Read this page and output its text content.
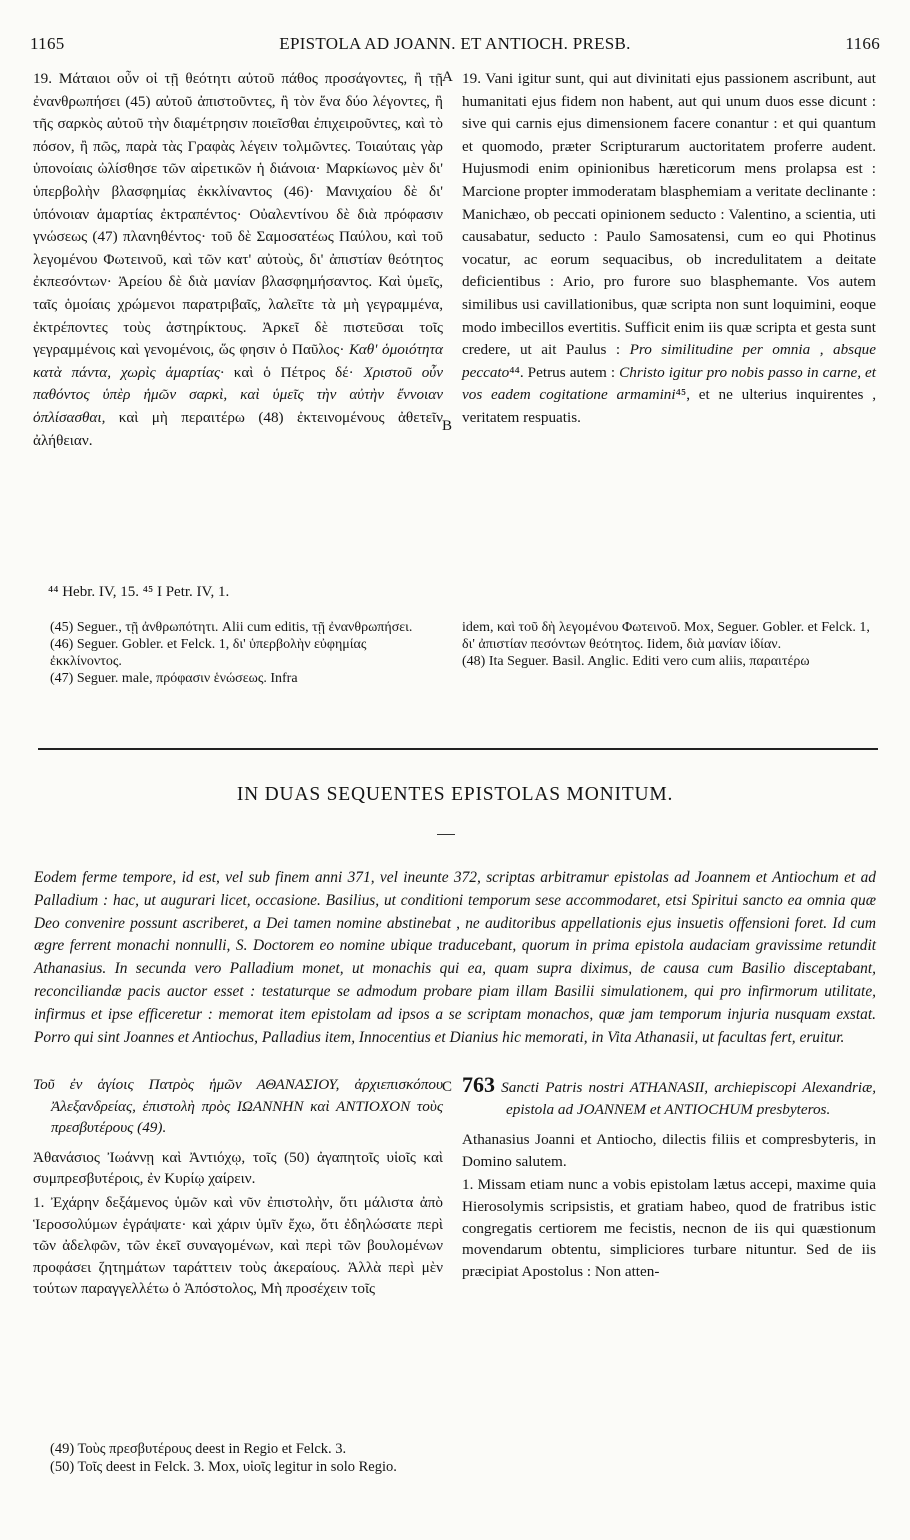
1165	EPISTOLA AD JOANN. ET ANTIOCH. PRESB.	1166
A
B
C

19. Μάταιοι οὖν οἱ τῇ θεότητι αὐτοῦ πάθος προσάγοντες, ἢ τῇ ἐνανθρωπήσει (45) αὐτοῦ ἀπιστοῦντες, ἢ τὸν ἕνα δύο λέγοντες, ἢ τῆς σαρκὸς αὐτοῦ τὴν διαμέτρησιν ποιεῖσθαι ἐπιχειροῦντες, καὶ τὸ πόσον, ἢ πῶς, παρὰ τὰς Γραφὰς λέγειν τολμῶντες. Τοιαύταις γὰρ ὑπονοίαις ὠλίσθησε τῶν αἱρετικῶν ἡ διάνοια· Μαρκίωνος μὲν δι' ὑπερβολὴν βλασφημίας ἐκκλίναντος (46)· Μανιχαίου δὲ δι' ὑπόνοιαν ἁμαρτίας ἐκτραπέντος· Οὐαλεντίνου δὲ διὰ πρόφασιν γνώσεως (47) πλανηθέντος· τοῦ δὲ Σαμοσατέως Παύλου, καὶ τοῦ λεγομένου Φωτεινοῦ, καὶ τῶν κατ' αὐτοὺς, δι' ἀπιστίαν θεότητος ἐκπεσόντων· Ἀρείου δὲ διὰ μανίαν βλασφημήσαντος. Καὶ ὑμεῖς, ταῖς ὁμοίαις χρώμενοι παρατριβαῖς, λαλεῖτε τὰ μὴ γεγραμμένα, ἐκτρέποντες τοὺς ἀστηρίκτους. Ἀρκεῖ δὲ πιστεῦσαι τοῖς γεγραμμένοις καὶ γενομένοις, ὥς φησιν ὁ Παῦλος· Καθ' ὁμοιότητα κατὰ πάντα, χωρὶς ἁμαρτίας· καὶ ὁ Πέτρος δέ· Χριστοῦ οὖν παθόντος ὑπὲρ ἡμῶν σαρκὶ, καὶ ὑμεῖς τὴν αὐτὴν ἔννοιαν ὁπλίσασθαι, καὶ μὴ περαιτέρω (48) ἐκτεινομένους ἀθετεῖν ἀλήθειαν.

19. Vani igitur sunt, qui aut divinitati ejus passionem ascribunt, aut humanitati ejus fidem non habent, aut qui unum duos esse dicunt : sive qui carnis ejus dimensionem facere conantur : et qui quantum et quomodo, præter Scripturarum auctoritatem proferre audent. Hujusmodi enim opinionibus hæreticorum mens prolapsa est : Marcione propter immoderatam blasphemiam a veritate declinante : Manichæo, ob peccati opinionem seducto : Valentino, a scientia, uti causabatur, seducto : Paulo Samosatensi, cum eo qui Photinus vocatur, ac eorum sequacibus, ob incredulitatem a deitate deficientibus : Ario, pro furore suo blasphemante. Vos autem similibus usi cavillationibus, quæ scripta non sunt loquimini, eoque modo imbecillos evertitis. Sufficit enim iis quæ scripta et gesta sunt credere, ut ait Paulus : Pro similitudine per omnia , absque peccato⁴⁴. Petrus autem : Christo igitur pro nobis passo in carne, et vos eadem cogitatione armamini⁴⁵, et ne ulterius inquirentes , veritatem respuatis.

⁴⁴ Hebr. IV, 15. ⁴⁵ I Petr. IV, 1.

(45) Seguer., τῇ ἀνθρωπότητι. Alii cum editis, τῇ ἐνανθρωπήσει.

(46) Seguer. Gobler. et Felck. 1, δι' ὑπερβολὴν εὐφημίας ἐκκλίνοντος.

(47) Seguer. male, πρόφασιν ἑνώσεως. Infra

idem, καὶ τοῦ δὴ λεγομένου Φωτεινοῦ. Mox, Seguer. Gobler. et Felck. 1, δι' ἀπιστίαν πεσόντων θεότητος. Iidem, διὰ μανίαν ἰδίαν.

(48) Ita Seguer. Basil. Anglic. Editi vero cum aliis, παραιτέρω

IN DUAS SEQUENTES EPISTOLAS MONITUM.
Eodem ferme tempore, id est, vel sub finem anni 371, vel ineunte 372, scriptas arbitramur epistolas ad Joannem et Antiochum et ad Palladium : hac, ut augurari licet, occasione. Basilius, ut conditioni temporum sese accommodaret, etsi Spiritui sancto ea omnia quæ Deo convenire possunt ascriberet, a Dei tamen nomine abstinebat , ne auditoribus appellationis ejus insuetis offensioni foret. Id cum ægre ferrent monachi nonnulli, S. Doctorem eo nomine ubique traducebant, quorum in prima epistola audaciam gravissime retundit Athanasius. In secunda vero Palladium monet, ut monachis qui ea, quam supra diximus, de causa cum Basilio disceptabant, reconciliandæ pacis auctor esset : testaturque se admodum probare piam illam Basilii simulationem, qui pro infirmorum utilitate, infirmus et ipse efficeretur : memorat item epistolam ad ipsos a se scriptam monachos, quæ jam temporum injuria nusquam exstat. Porro qui sint Joannes et Antiochus, Palladius item, Innocentius et Dianius hic memorati, in Vita Athanasii, ut facultas fert, eruitur.

Τοῦ ἐν ἁγίοις Πατρὸς ἡμῶν ΑΘΑΝΑΣΙΟΥ, ἀρχιεπισκόπου Ἀλεξανδρείας, ἐπιστολὴ πρὸς ΙΩΑΝΝΗΝ καὶ ΑΝΤΙΟΧΟΝ τοὺς πρεσβυτέρους (49).

Ἀθανάσιος Ἰωάννῃ καὶ Ἀντιόχῳ, τοῖς (50) ἀγαπητοῖς υἱοῖς καὶ συμπρεσβυτέροις, ἐν Κυρίῳ χαίρειν.

1. Ἐχάρην δεξάμενος ὑμῶν καὶ νῦν ἐπιστολὴν, ὅτι μάλιστα ἀπὸ Ἱεροσολύμων ἐγράψατε· καὶ χάριν ὑμῖν ἔχω, ὅτι ἐδηλώσατε περὶ τῶν ἀδελφῶν, τῶν ἐκεῖ συναγομένων, καὶ περὶ τῶν βουλομένων προφάσει ζητημάτων ταράττειν τοὺς ἀκεραίους. Ἀλλὰ περὶ μὲν τούτων παραγγελλέτω ὁ Ἀπόστολος, Μὴ προσέχειν τοῖς

763 Sancti Patris nostri ATHANASII, archiepiscopi Alexandriæ, epistola ad JOANNEM et ANTIOCHUM presbyteros.

Athanasius Joanni et Antiocho, dilectis filiis et compresbyteris, in Domino salutem.

1. Missam etiam nunc a vobis epistolam lætus accepi, maxime quia Hierosolymis scripsistis, et gratiam habeo, quod de fratribus istic congregatis certiorem me fecistis, necnon de iis qui quæstionum movendarum obtentu, simpliciores turbare nituntur. Sed de iis præcipiat Apostolus : Non atten-

(49) Τοὺς πρεσβυτέρους deest in Regio et Felck. 3.

(50) Τοῖς deest in Felck. 3. Mox, υἱοῖς legitur in solo Regio.
